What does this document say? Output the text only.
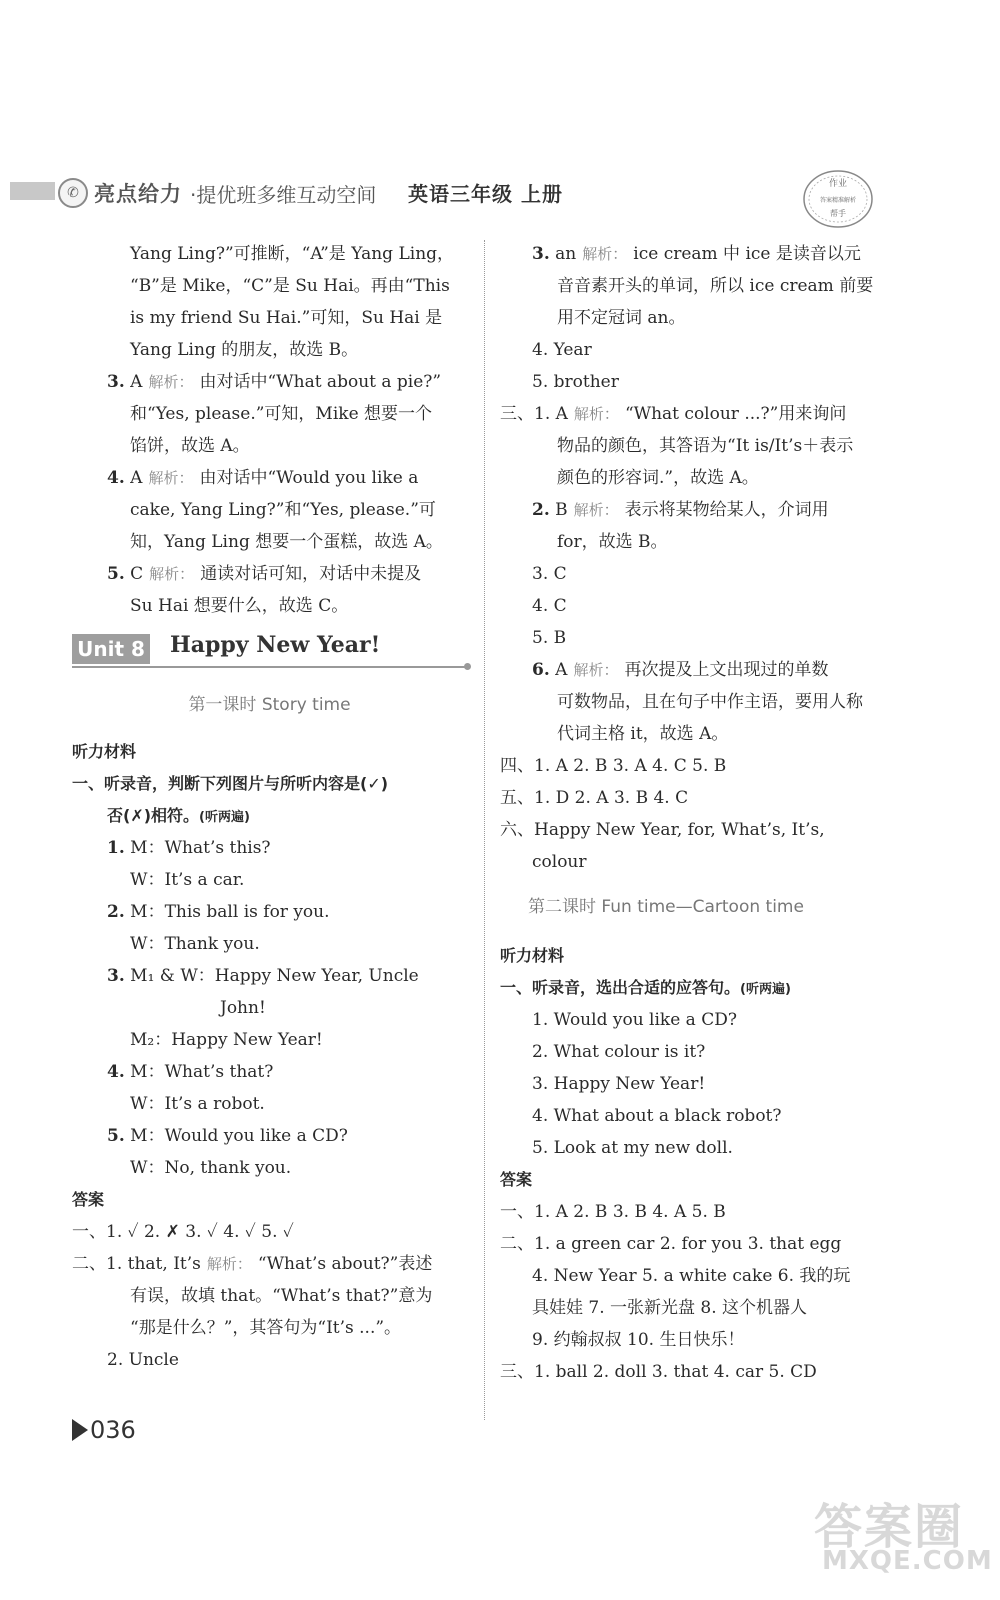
✆ 亮点给力 ·提优班多维互动空间 英语三年级 上册	作业
答案精准解析
帮手
Yang Ling?”可推断，“A”是 Yang Ling，
“B”是 Mike，“C”是 Su Hai。再由“This
is my friend Su Hai.”可知，Su Hai 是
Yang Ling 的朋友，故选 B。
3. A 解析： 由对话中“What about a pie?”
和“Yes, please.”可知，Mike 想要一个
馅饼，故选 A。
4. A 解析： 由对话中“Would you like a
cake, Yang Ling?”和“Yes, please.”可
知，Yang Ling 想要一个蛋糕，故选 A。
5. C 解析： 通读对话可知，对话中未提及
Su Hai 想要什么，故选 C。
Unit 8 Happy New Year!
第一课时 Story time
听力材料
一、听录音，判断下列图片与所听内容是(✓)
否(✗)相符。(听两遍)
1. M：What’s this?
W：It’s a car.
2. M：This ball is for you.
W：Thank you.
3. M₁ & W：Happy New Year, Uncle
John!
M₂：Happy New Year!
4. M：What’s that?
W：It’s a robot.
5. M：Would you like a CD?
W：No, thank you.
答案
一、1. ✓ 2. ✗ 3. ✓ 4. ✓ 5. ✓
二、1. that, It’s 解析： “What’s about?”表述
有误，故填 that。“What’s that?”意为
“那是什么？”，其答句为“It’s ...”。
2. Uncle
3. an 解析： ice cream 中 ice 是读音以元
音音素开头的单词，所以 ice cream 前要
用不定冠词 an。
4. Year
5. brother
三、1. A 解析： “What colour ...?”用来询问
物品的颜色，其答语为“It is/It’s＋表示
颜色的形容词.”，故选 A。
2. B 解析： 表示将某物给某人，介词用
for，故选 B。
3. C
4. C
5. B
6. A 解析： 再次提及上文出现过的单数
可数物品，且在句子中作主语，要用人称
代词主格 it，故选 A。
四、1. A 2. B 3. A 4. C 5. B
五、1. D 2. A 3. B 4. C
六、Happy New Year, for, What’s, It’s,
colour
第二课时 Fun time—Cartoon time
听力材料
一、听录音，选出合适的应答句。(听两遍)
1. Would you like a CD?
2. What colour is it?
3. Happy New Year!
4. What about a black robot?
5. Look at my new doll.
答案
一、1. A 2. B 3. B 4. A 5. B
二、1. a green car 2. for you 3. that egg
4. New Year 5. a white cake 6. 我的玩
具娃娃 7. 一张新光盘 8. 这个机器人
9. 约翰叔叔 10. 生日快乐！
三、1. ball 2. doll 3. that 4. car 5. CD
036
答案圈
MXQE.COM
